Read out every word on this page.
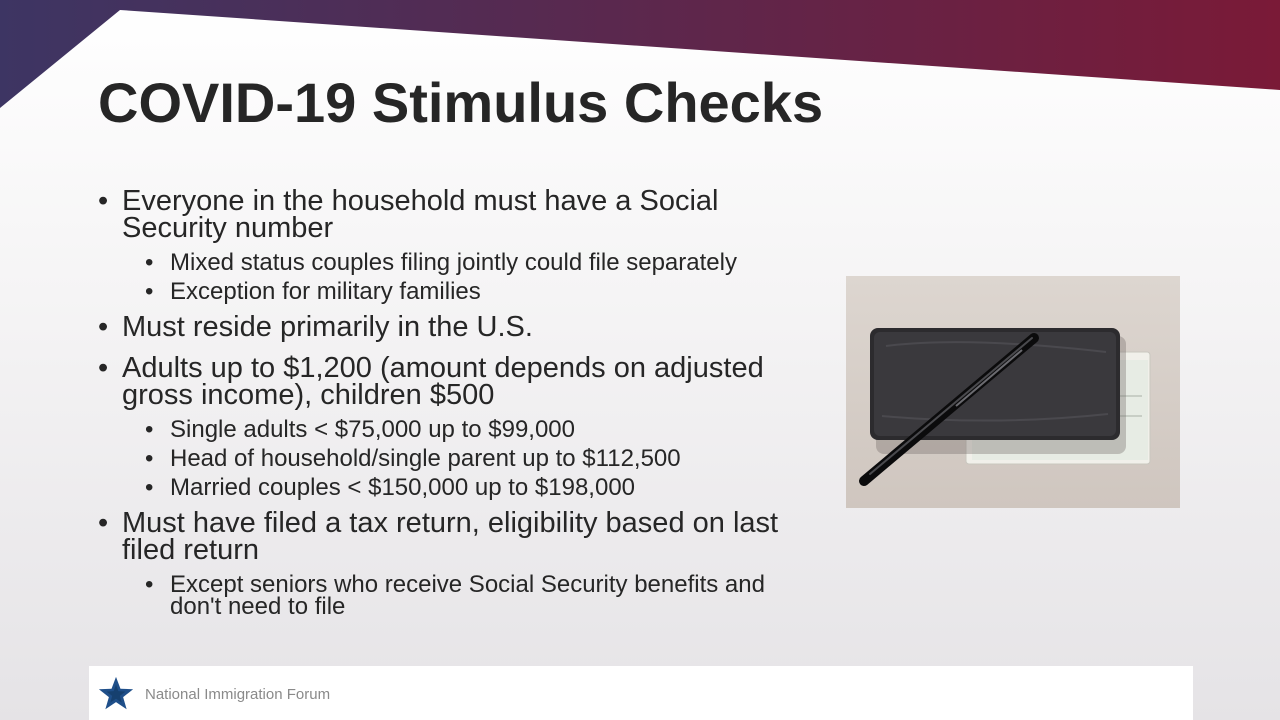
COVID-19 Stimulus Checks
• Everyone in the household must have a Social Security number
• Mixed status couples filing jointly could file separately
• Exception for military families
• Must reside primarily in the U.S.
• Adults up to $1,200 (amount depends on adjusted gross income), children $500
• Single adults < $75,000 up to $99,000
• Head of household/single parent up to $112,500
• Married couples < $150,000 up to $198,000
• Must have filed a tax return, eligibility based on last filed return
• Except seniors who receive Social Security benefits and don't need to file
National Immigration Forum
